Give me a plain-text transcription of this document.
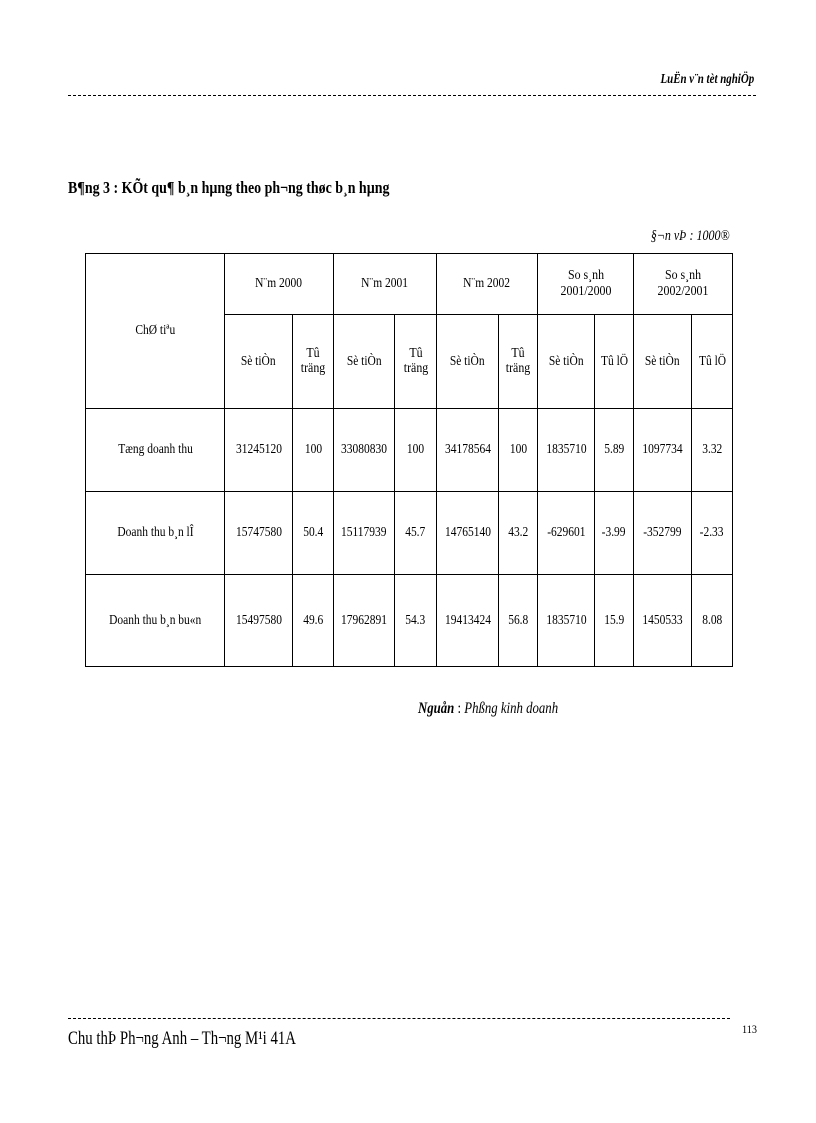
LuËn v¨n tèt nghiÖp
B¶ng 3 : KÕt qu¶ b¸n hµng theo ph¬ng thøc b¸n hµng
§¬n vÞ : 1000®
ChØ tiªu	N¨m 2000		N¨m 2001		N¨m 2002		So s¸nh 2001/2000		So s¸nh 2002/2001	
	Sè tiÒn	Tû träng	Sè tiÒn	Tû träng	Sè tiÒn	Tû träng	Sè tiÒn	Tû lÖ	Sè tiÒn	Tû lÖ
Tæng doanh thu	31245120	100	33080830	100	34178564	100	1835710	5.89	1097734	3.32
Doanh thu b¸n lÎ	15747580	50.4	15117939	45.7	14765140	43.2	-629601	-3.99	-352799	-2.33
Doanh thu b¸n bu«n	15497580	49.6	17962891	54.3	19413424	56.8	1835710	15.9	1450533	8.08
Nguån : Phßng kinh doanh
Chu thÞ Ph¬ng Anh – Th¬ng M¹i 41A	113
